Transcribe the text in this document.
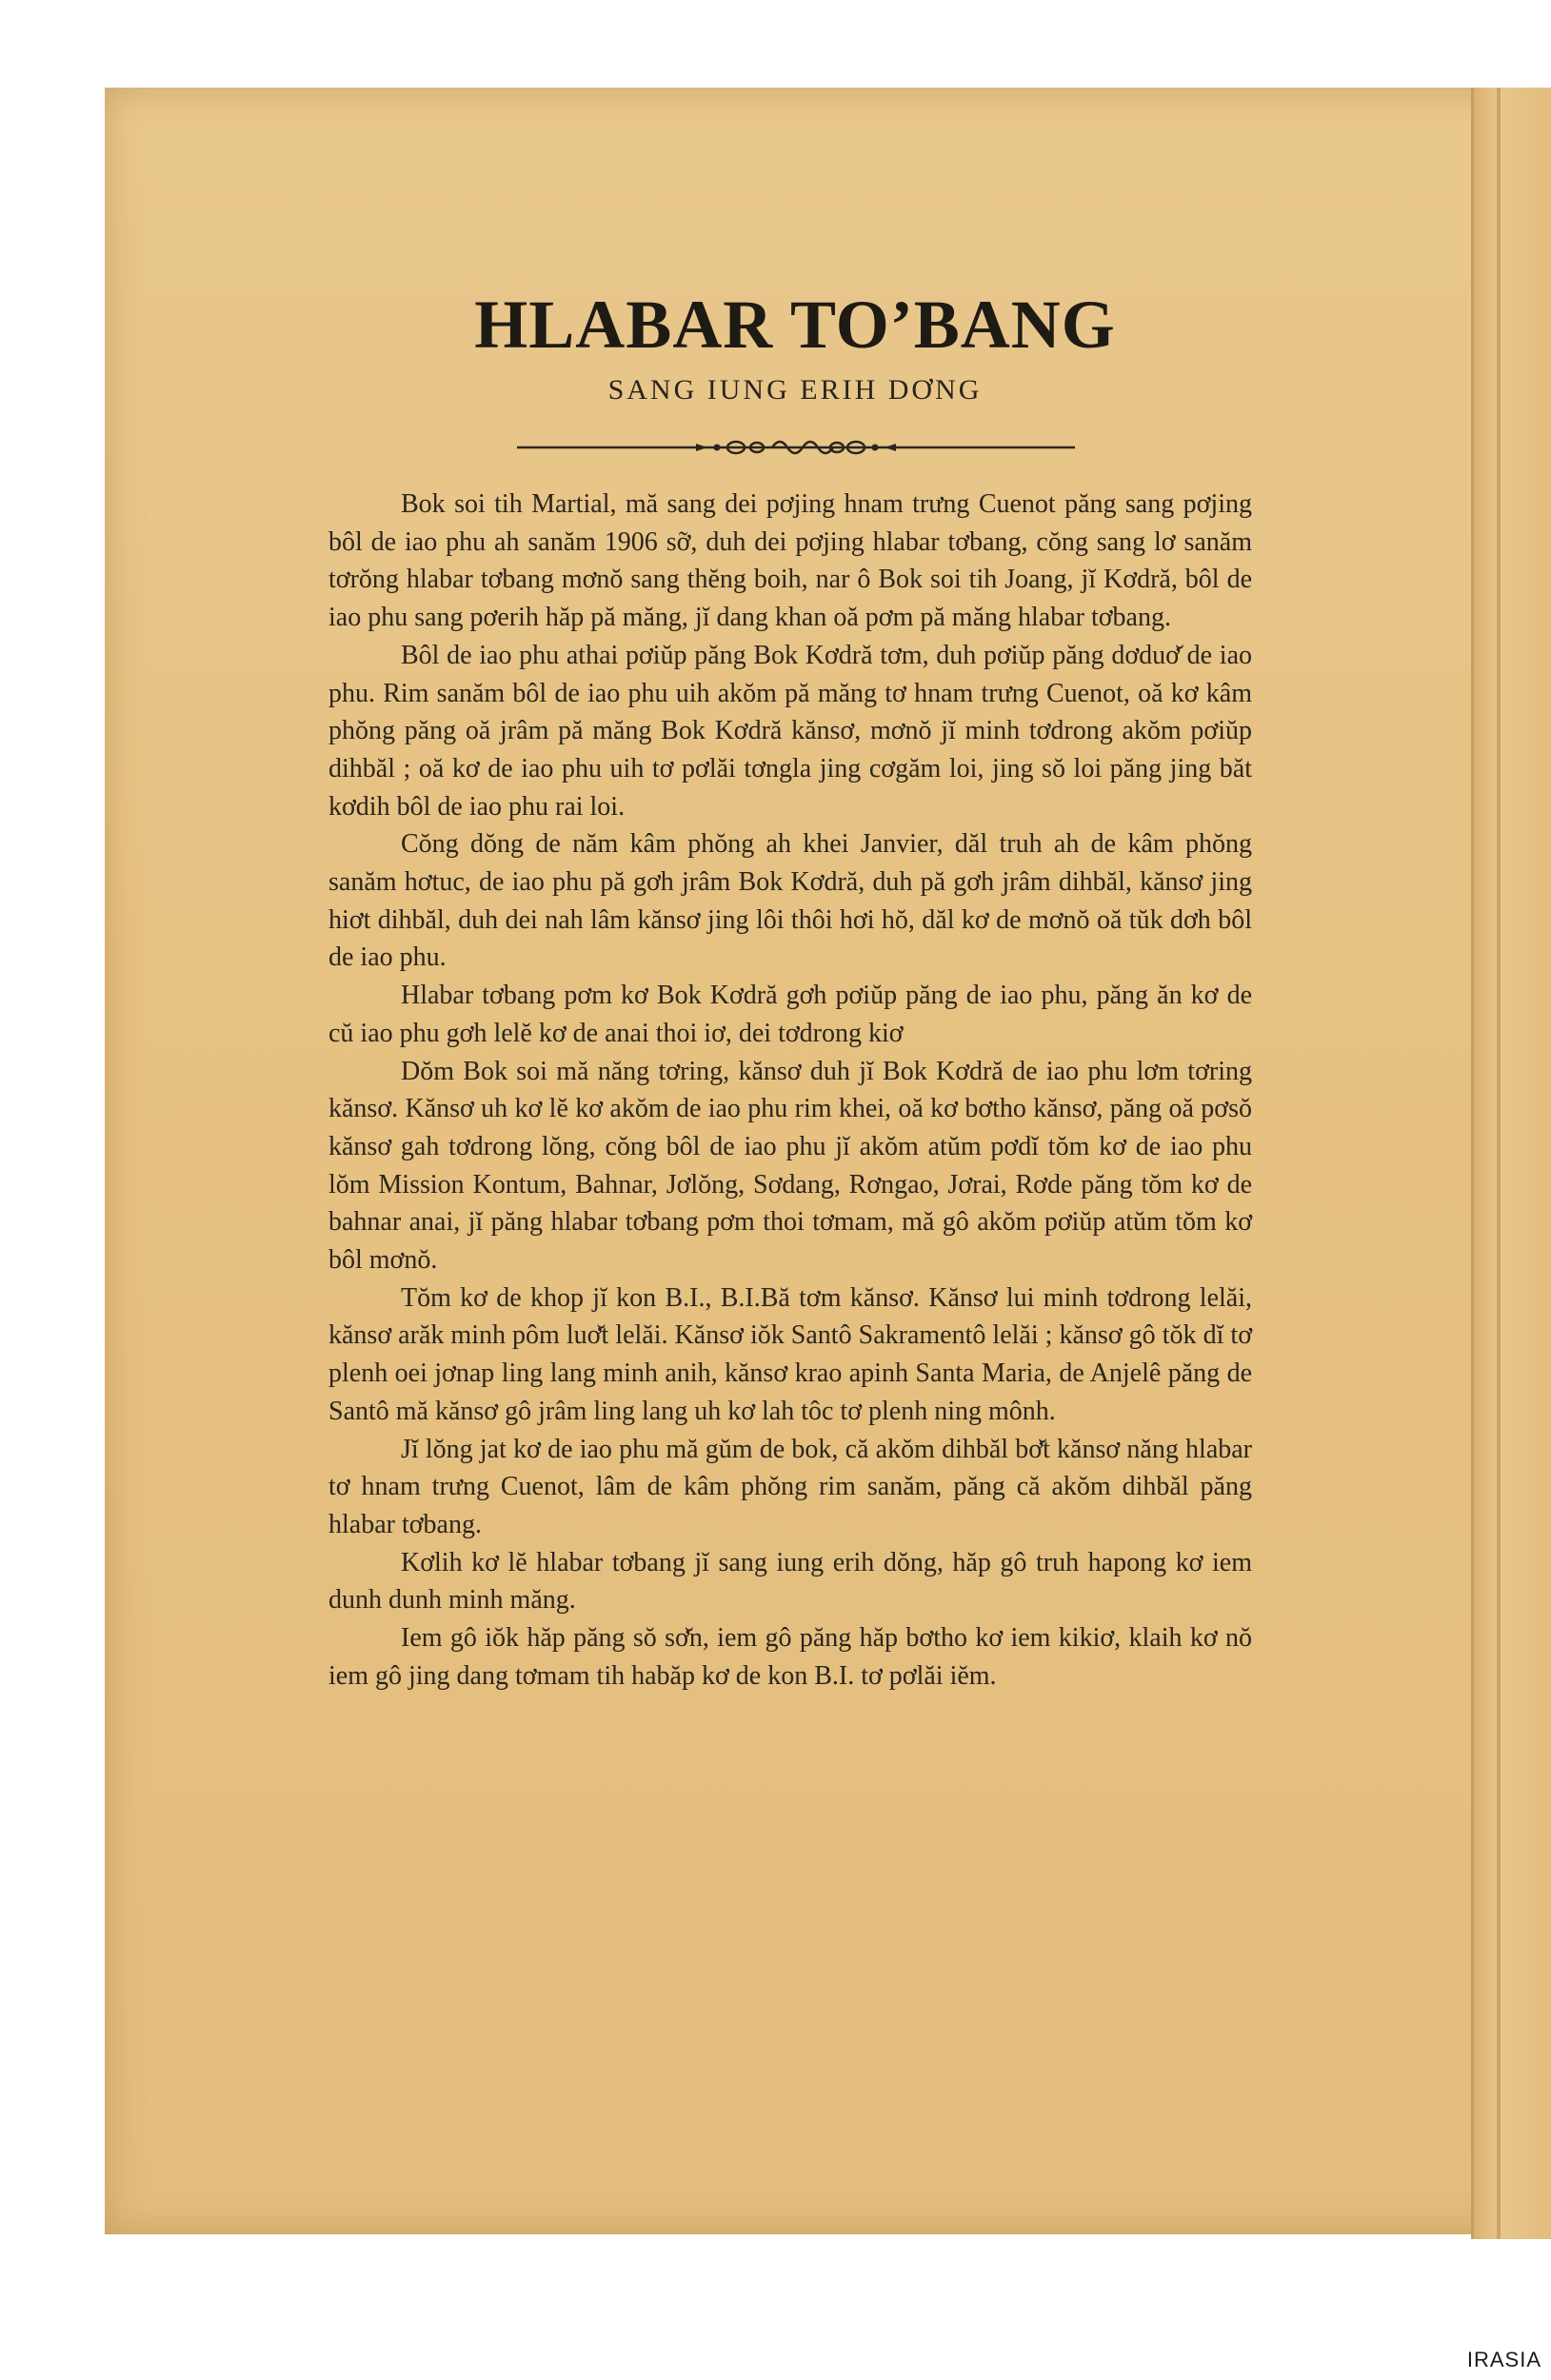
HLABAR TO’BANG
SANG IUNG ERIH DƠNG

Bok soi tih Martial, mă sang dei pơjing hnam trưng Cuenot păng sang pơjing bôl de iao phu ah sanăm 1906 sỡ, duh dei pơjing hlabar tơbang, cŏng sang lơ sanăm tơrŏng hlabar tơbang mơnŏ sang thĕng boih, nar ô Bok soi tih Joang, jĭ Kơdră, bôl de iao phu sang pơerih hăp pă măng, jĭ dang khan oă pơm pă măng hlabar tơbang.

Bôl de iao phu athai pơiŭp păng Bok Kơdră tơm, duh pơiŭp păng dơduơ̆ de iao phu. Rim sanăm bôl de iao phu uih akŏm pă măng tơ hnam trưng Cuenot, oă kơ kâm phŏng păng oă jrâm pă măng Bok Kơdră kănsơ, mơnŏ jĭ minh tơdrong akŏm pơiŭp dihbăl ; oă kơ de iao phu uih tơ pơlăi tơngla jing cơgăm loi, jing sŏ loi păng jing băt kơdih bôl de iao phu rai loi.

Cŏng dŏng de năm kâm phŏng ah khei Janvier, dăl truh ah de kâm phŏng sanăm hơtuc, de iao phu pă gơh jrâm Bok Kơdră, duh pă gơh jrâm dihbăl, kănsơ jing hiơt dihbăl, duh dei nah lâm kănsơ jing lôi thôi hơi hŏ, dăl kơ de mơnŏ oă tŭk dơh bôl de iao phu.

Hlabar tơbang pơm kơ Bok Kơdră gơh pơiŭp păng de iao phu, păng ăn kơ de cŭ iao phu gơh lelĕ kơ de anai thoi iơ, dei tơdrong kiơ

Dŏm Bok soi mă năng tơring, kănsơ duh jĭ Bok Kơdră de iao phu lơm tơring kănsơ. Kănsơ uh kơ lĕ kơ akŏm de iao phu rim khei, oă kơ bơtho kănsơ, păng oă pơsŏ kănsơ gah tơdrong lŏng, cŏng bôl de iao phu jĭ akŏm atŭm pơdĭ tŏm kơ de iao phu lŏm Mission Kontum, Bahnar, Jơlŏng, Sơdang, Rơngao, Jơrai, Rơde păng tŏm kơ de bahnar anai, jĭ păng hlabar tơbang pơm thoi tơmam, mă gô akŏm pơiŭp atŭm tŏm kơ bôl mơnŏ.

Tŏm kơ de khop jĭ kon B.I., B.I.Bă tơm kănsơ. Kănsơ lui minh tơdrong lelăi, kănsơ arăk minh pôm luơ̆t lelăi. Kănsơ iŏk Santô Sakramentô lelăi ; kănsơ gô tŏk dĭ tơ plenh oei jơnap ling lang minh anih, kănsơ krao apinh Santa Maria, de Anjelê păng de Santô mă kănsơ gô jrâm ling lang uh kơ lah tôc tơ plenh ning mônh.

Jĭ lŏng jat kơ de iao phu mă gŭm de bok, că akŏm dihbăl bơ̆t kănsơ năng hlabar tơ hnam trưng Cuenot, lâm de kâm phŏng rim sanăm, păng că akŏm dihbăl păng hlabar tơbang.

Kơlih kơ lĕ hlabar tơbang jĭ sang iung erih dŏng, hăp gô truh hapong kơ iem dunh dunh minh măng.

Iem gô iŏk hăp păng sŏ sơ̆n, iem gô păng hăp bơtho kơ iem kikiơ, klaih kơ nŏ iem gô jing dang tơmam tih habăp kơ de kon B.I. tơ pơlăi iĕm.

IRASIA
